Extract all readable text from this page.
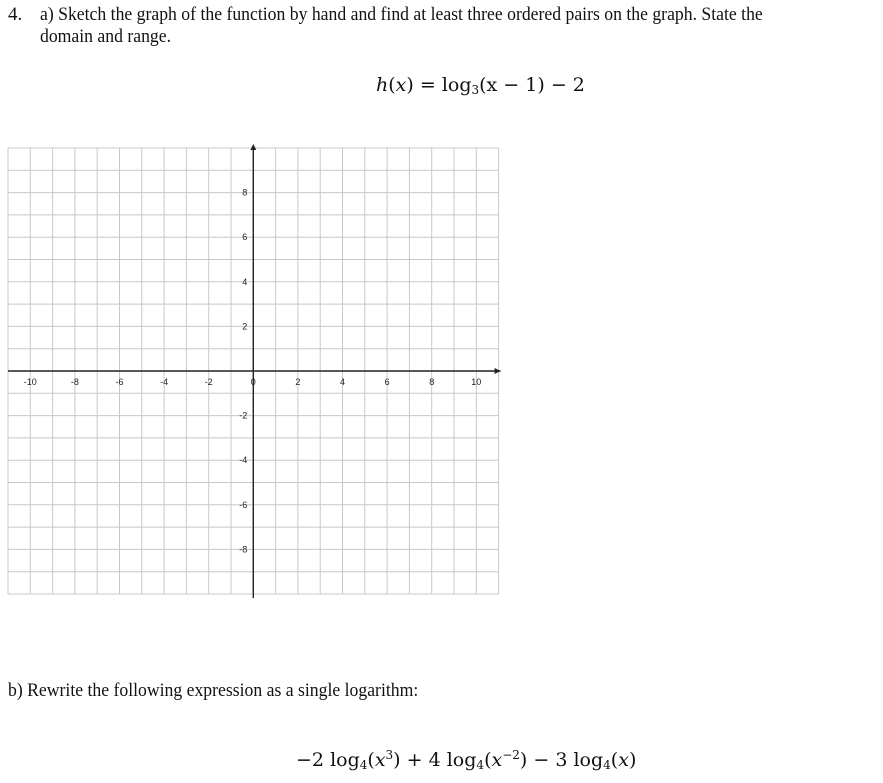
4. a) Sketch the graph of the function by hand and find at least three ordered pairs on the graph. State the
domain and range.
$h(x) = \log_3(x - 1) - 2$
-10	-8	-6	-4	-2	0	2	4	6	8	10
2
4
6
8
-2
-4
-6
-8
b) Rewrite the following expression as a single logarithm:
−2 $\log_4(x^3) + 4$ $\log_4(x^{-2}) - 3$ $\log_4(x)$
